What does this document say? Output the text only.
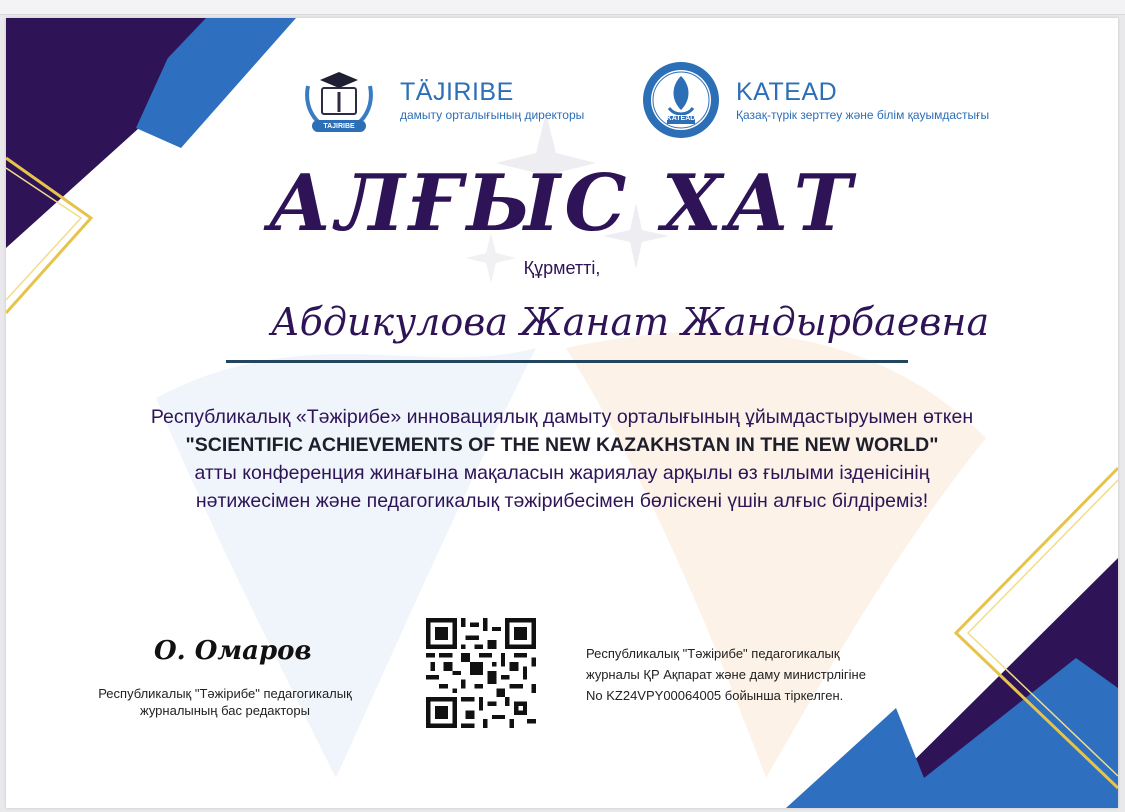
TAJIRIBE
TÄJIRIBE
дамыту орталығының директоры	KATEAD
KATEAD
Қазақ-түрік зерттеу және білім қауымдастығы
АЛҒЫС ХАТ
Құрметті,
Абдикулова Жанат Жандырбаевна
Республикалық «Тәжірибе» инновациялық дамыту орталығының ұйымдастыруымен өткен
"SCIENTIFIC ACHIEVEMENTS OF THE NEW KAZAKHSTAN IN THE NEW WORLD"
атты конференция жинағына мақаласын жариялау арқылы өз ғылыми ізденісінің
нәтижесімен және педагогикалық тәжірибесімен бөліскені үшін алғыс білдіреміз!
О. Омаров
Республикалық "Тәжірибе" педагогикалық
журналының бас редакторы
Республикалық "Тәжірибе" педагогикалық
журналы ҚР Ақпарат және даму министрлігіне
No KZ24VPY00064005 бойынша тіркелген.
